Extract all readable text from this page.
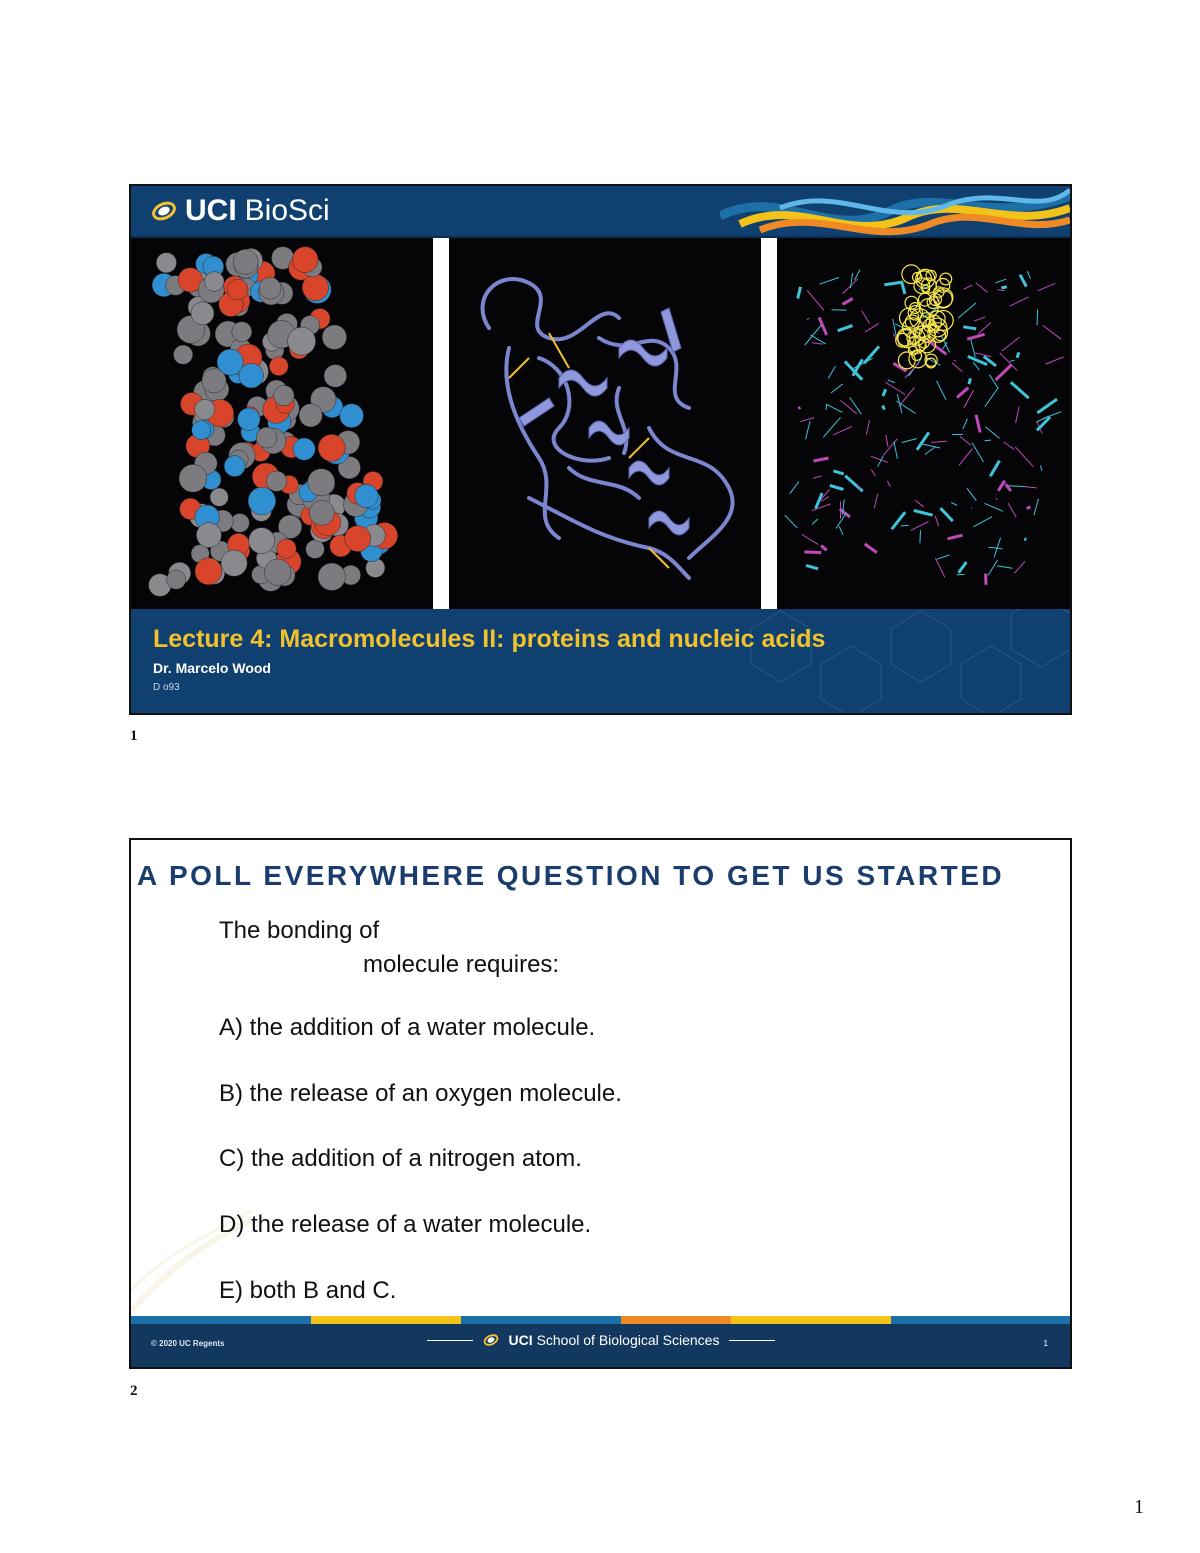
UCI BioSci
Lecture 4: Macromolecules II: proteins and nucleic acids
Dr. Marcelo Wood
D o93
1
A POLL EVERYWHERE QUESTION TO GET US STARTED
The bonding of
molecule requires:
A) the addition of a water molecule.
B) the release of an oxygen molecule.
C) the addition of a nitrogen atom.
D) the release of a water molecule.
E) both B and C.
© 2020 UC Regents	UCI School of Biological Sciences	1
2
1
